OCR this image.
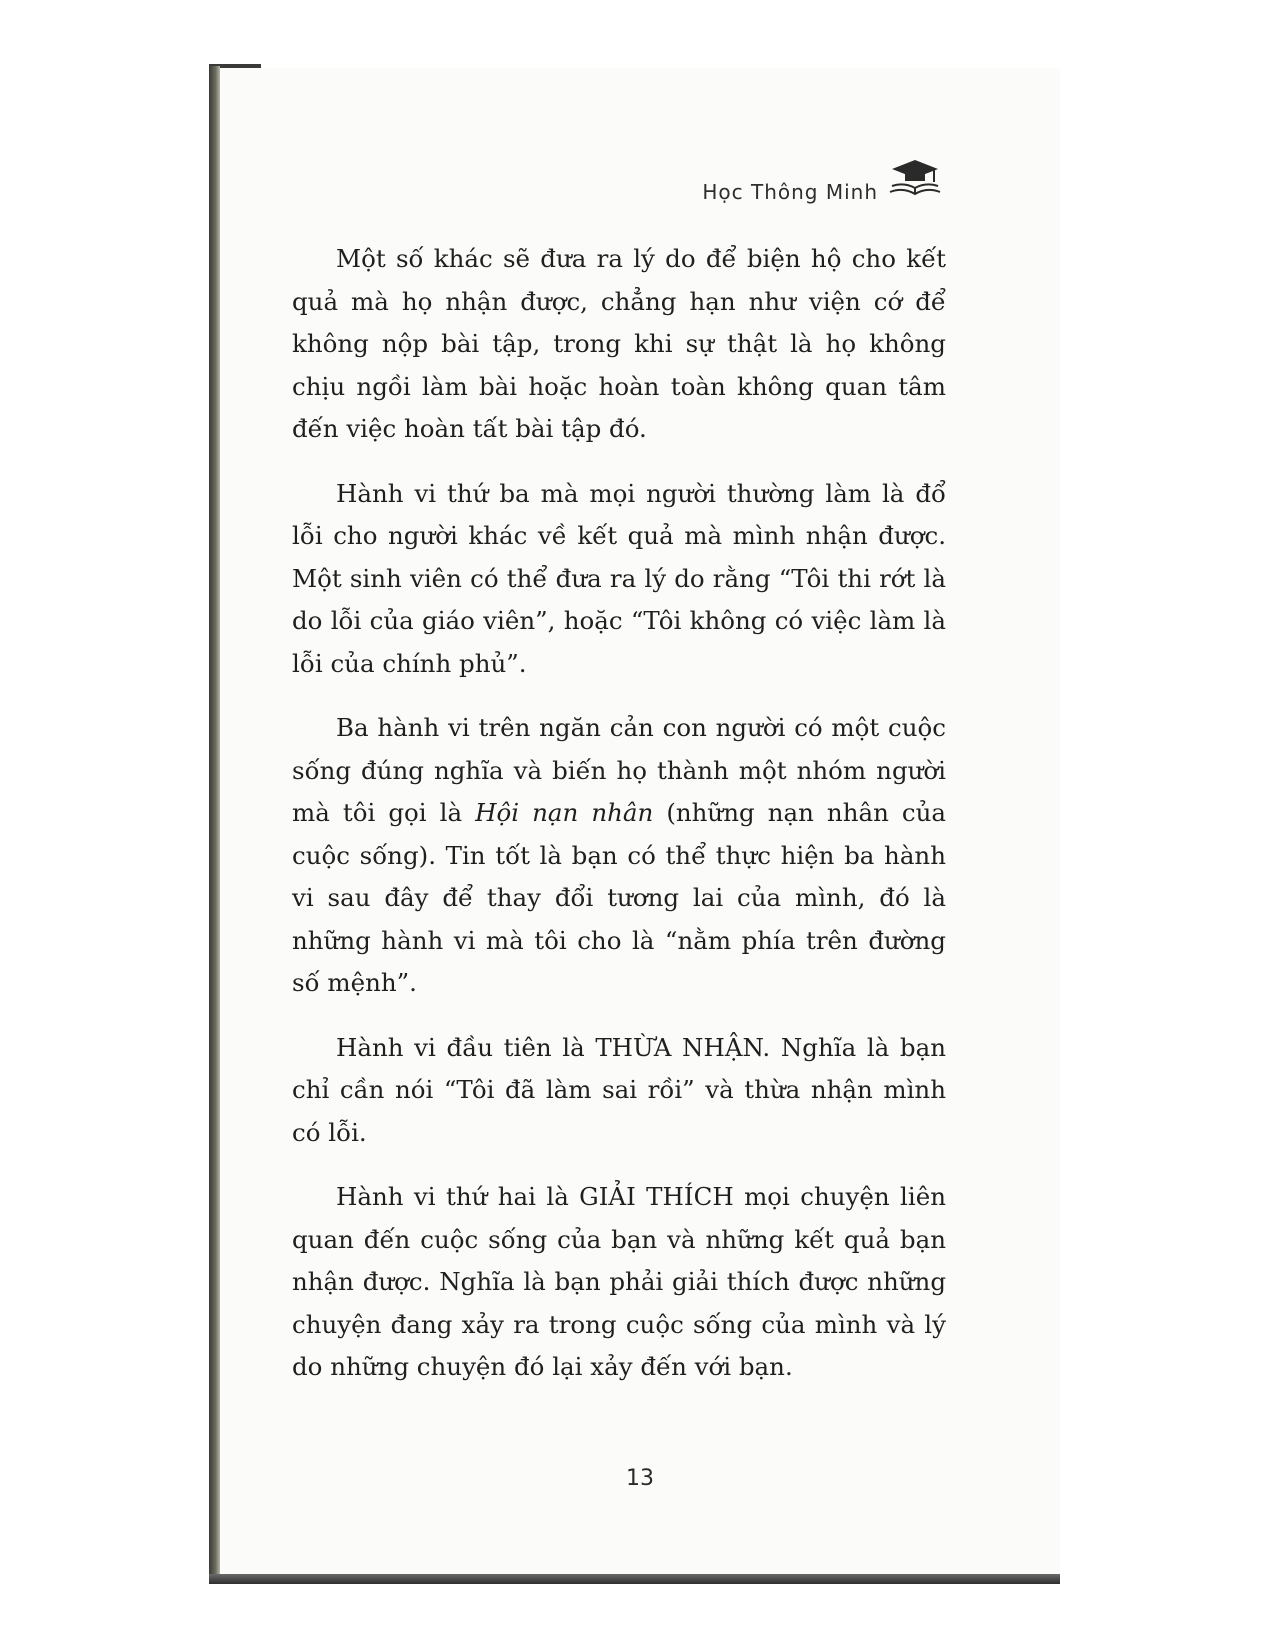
Học Thông Minh

Một số khác sẽ đưa ra lý do để biện hộ cho kết quả mà họ nhận được, chẳng hạn như viện cớ để không nộp bài tập, trong khi sự thật là họ không chịu ngồi làm bài hoặc hoàn toàn không quan tâm đến việc hoàn tất bài tập đó.

Hành vi thứ ba mà mọi người thường làm là đổ lỗi cho người khác về kết quả mà mình nhận được. Một sinh viên có thể đưa ra lý do rằng “Tôi thi rớt là do lỗi của giáo viên”, hoặc “Tôi không có việc làm là lỗi của chính phủ”.

Ba hành vi trên ngăn cản con người có một cuộc sống đúng nghĩa và biến họ thành một nhóm người mà tôi gọi là Hội nạn nhân (những nạn nhân của cuộc sống). Tin tốt là bạn có thể thực hiện ba hành vi sau đây để thay đổi tương lai của mình, đó là những hành vi mà tôi cho là “nằm phía trên đường số mệnh”.

Hành vi đầu tiên là THỪA NHẬN. Nghĩa là bạn chỉ cần nói “Tôi đã làm sai rồi” và thừa nhận mình có lỗi.

Hành vi thứ hai là GIẢI THÍCH mọi chuyện liên quan đến cuộc sống của bạn và những kết quả bạn nhận được. Nghĩa là bạn phải giải thích được những chuyện đang xảy ra trong cuộc sống của mình và lý do những chuyện đó lại xảy đến với bạn.

13
